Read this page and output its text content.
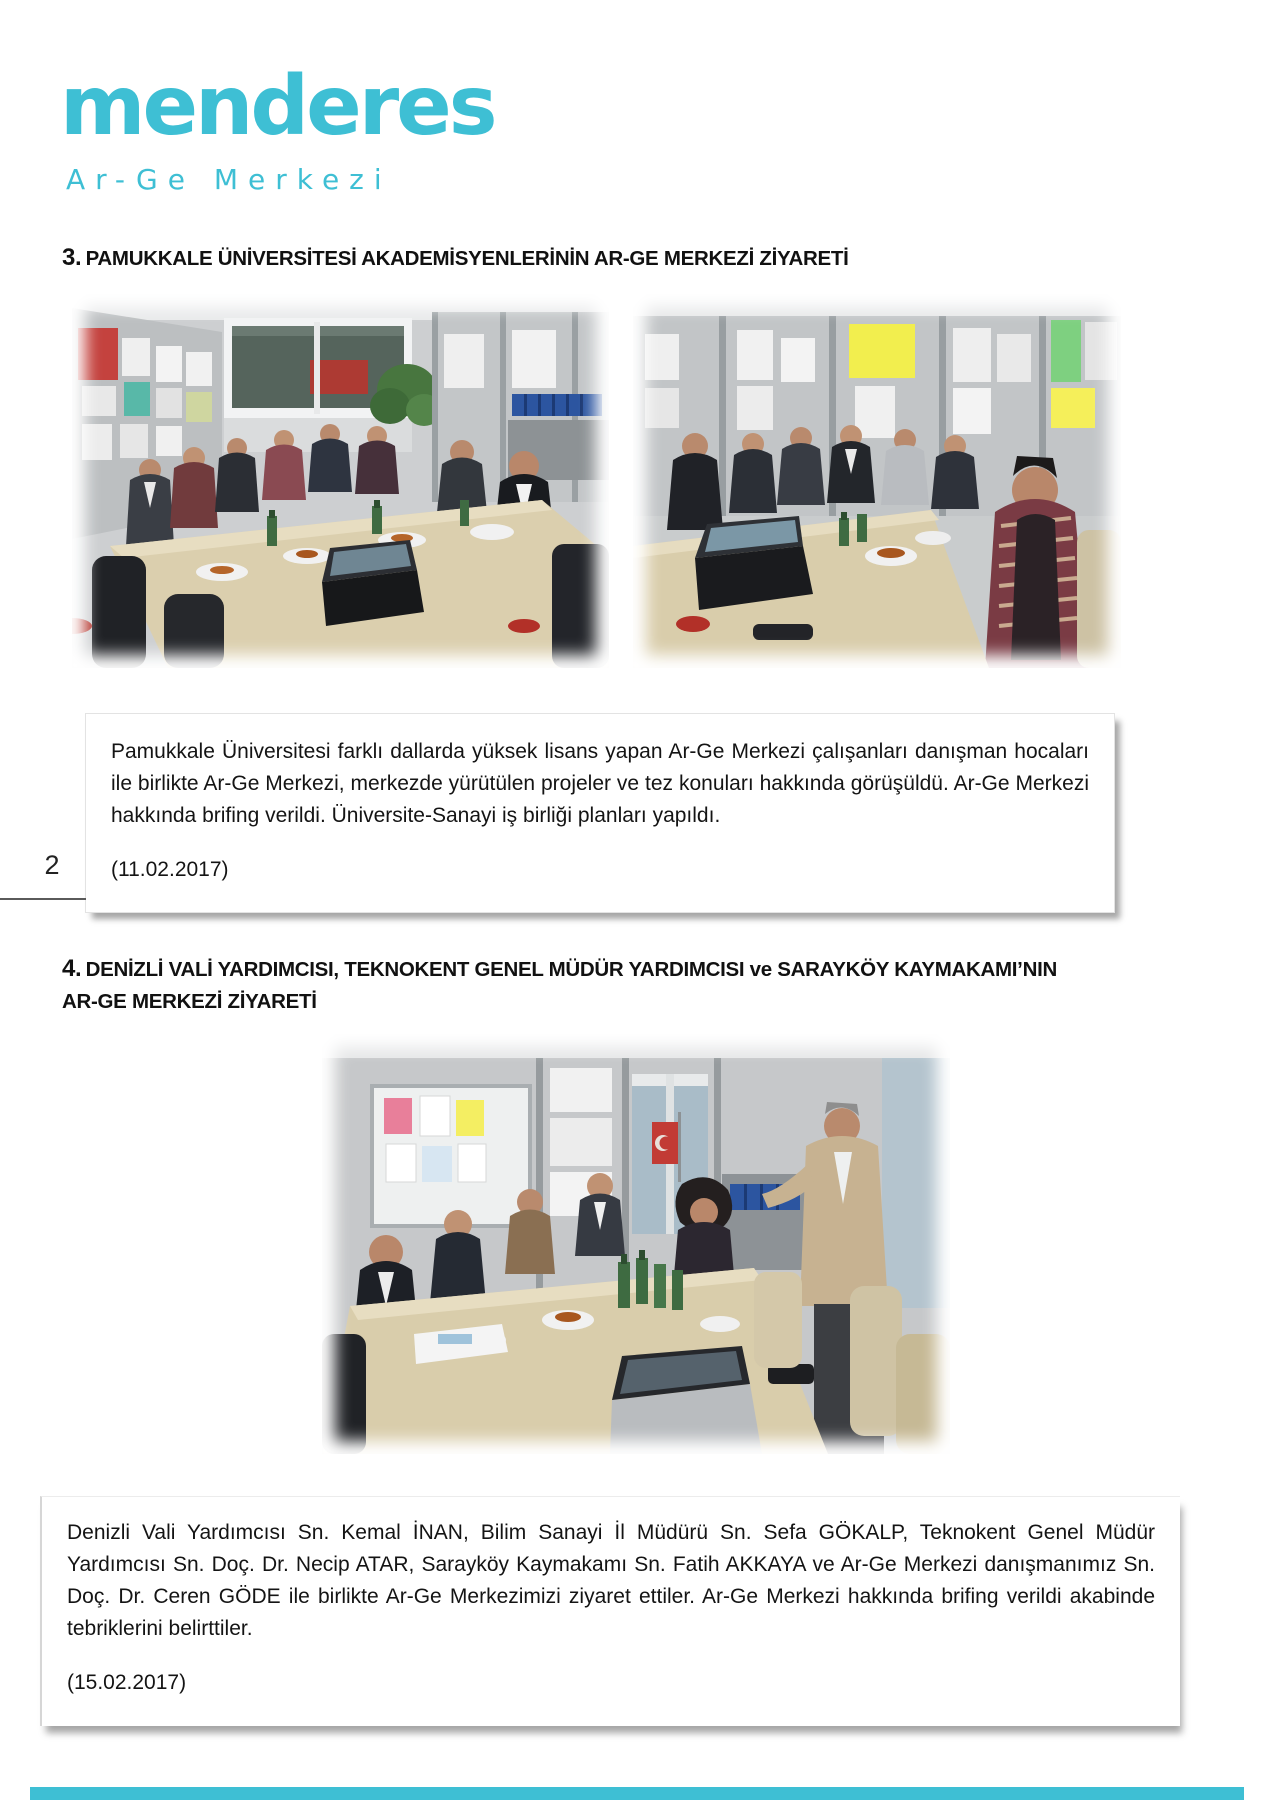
menderes
Ar-Ge Merkezi
3. PAMUKKALE ÜNİVERSİTESİ AKADEMİSYENLERİNİN AR-GE MERKEZİ ZİYARETİ

Pamukkale Üniversitesi farklı dallarda yüksek lisans yapan Ar-Ge Merkezi çalışanları danışman hocaları ile birlikte Ar-Ge Merkezi, merkezde yürütülen projeler ve tez konuları hakkında görüşüldü. Ar-Ge Merkezi hakkında brifing verildi. Üniversite-Sanayi iş birliği planları yapıldı.

(11.02.2017)

2
4. DENİZLİ VALİ YARDIMCISI, TEKNOKENT GENEL MÜDÜR YARDIMCISI ve SARAYKÖY KAYMAKAMI’NIN AR-GE MERKEZİ ZİYARETİ

Denizli Vali Yardımcısı Sn. Kemal İNAN, Bilim Sanayi İl Müdürü Sn. Sefa GÖKALP, Teknokent Genel Müdür Yardımcısı Sn. Doç. Dr. Necip ATAR, Sarayköy Kaymakamı Sn. Fatih AKKAYA ve Ar-Ge Merkezi danışmanımız Sn. Doç. Dr. Ceren GÖDE ile birlikte Ar-Ge Merkezimizi ziyaret ettiler. Ar-Ge Merkezi hakkında brifing verildi akabinde tebriklerini belirttiler.

(15.02.2017)
